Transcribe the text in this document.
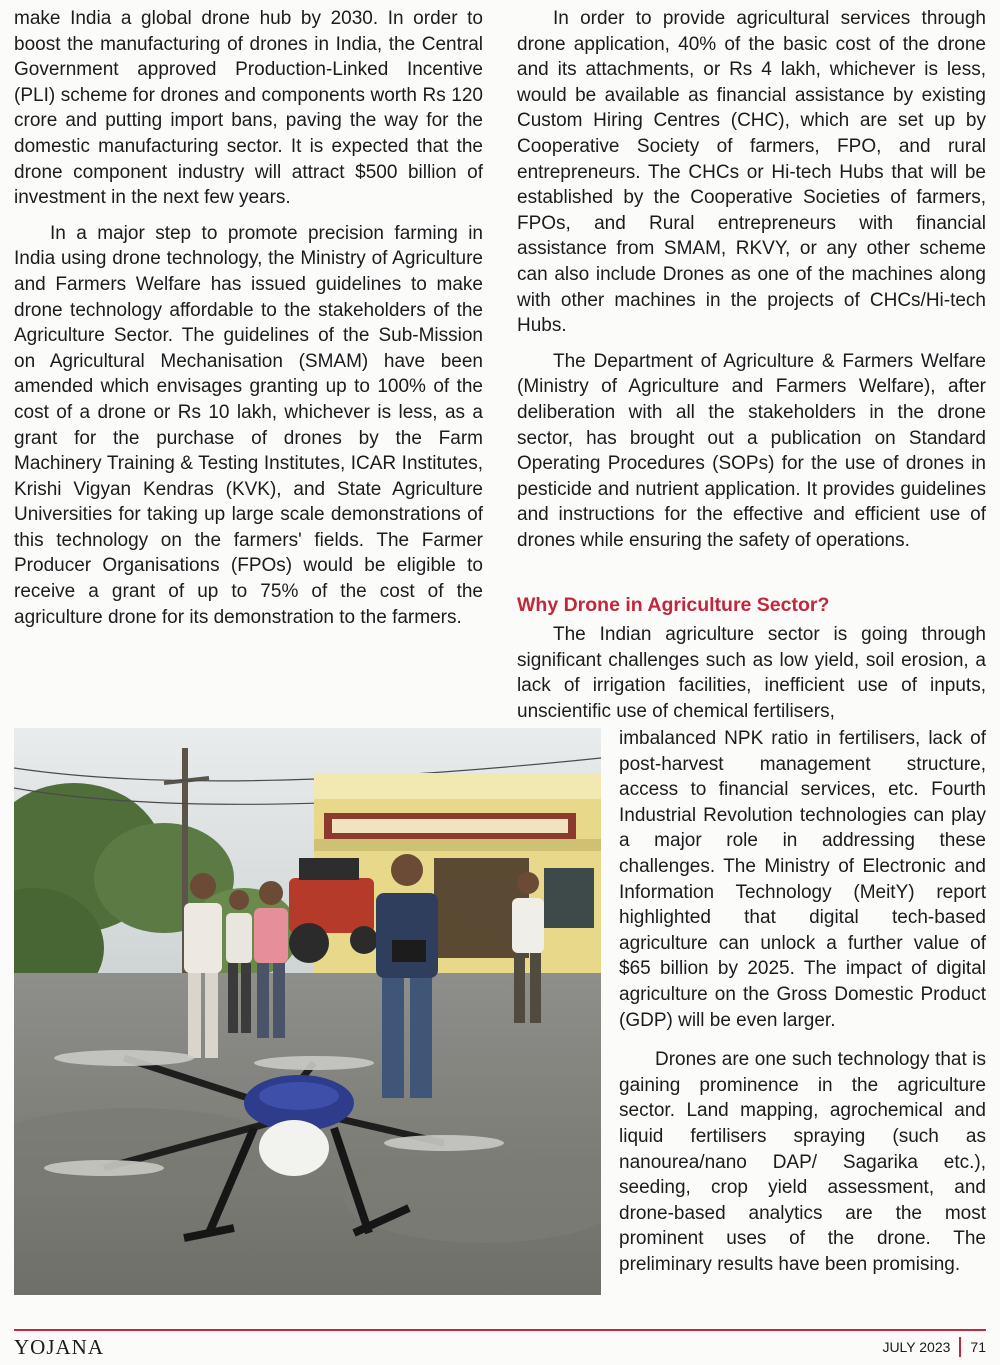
make India a global drone hub by 2030. In order to boost the manufacturing of drones in India, the Central Government approved Production-Linked Incentive (PLI) scheme for drones and components worth Rs 120 crore and putting import bans, paving the way for the domestic manufacturing sector. It is expected that the drone component industry will attract $500 billion of investment in the next few years.

In a major step to promote precision farming in India using drone technology, the Ministry of Agriculture and Farmers Welfare has issued guidelines to make drone technology affordable to the stakeholders of the Agriculture Sector. The guidelines of the Sub-Mission on Agricultural Mechanisation (SMAM) have been amended which envisages granting up to 100% of the cost of a drone or Rs 10 lakh, whichever is less, as a grant for the purchase of drones by the Farm Machinery Training & Testing Institutes, ICAR Institutes, Krishi Vigyan Kendras (KVK), and State Agriculture Universities for taking up large scale demonstrations of this technology on the farmers' fields. The Farmer Producer Organisations (FPOs) would be eligible to receive a grant of up to 75% of the cost of the agriculture drone for its demonstration to the farmers.

In order to provide agricultural services through drone application, 40% of the basic cost of the drone and its attachments, or Rs 4 lakh, whichever is less, would be available as financial assistance by existing Custom Hiring Centres (CHC), which are set up by Cooperative Society of farmers, FPO, and rural entrepreneurs. The CHCs or Hi-tech Hubs that will be established by the Cooperative Societies of farmers, FPOs, and Rural entrepreneurs with financial assistance from SMAM, RKVY, or any other scheme can also include Drones as one of the machines along with other machines in the projects of CHCs/Hi-tech Hubs.

The Department of Agriculture & Farmers Welfare (Ministry of Agriculture and Farmers Welfare), after deliberation with all the stakeholders in the drone sector, has brought out a publication on Standard Operating Procedures (SOPs) for the use of drones in pesticide and nutrient application. It provides guidelines and instructions for the effective and efficient use of drones while ensuring the safety of operations.

Why Drone in Agriculture Sector?

The Indian agriculture sector is going through significant challenges such as low yield, soil erosion, a lack of irrigation facilities, inefficient use of inputs, unscientific use of chemical fertilisers,

imbalanced NPK ratio in fertilisers, lack of post-harvest management structure, access to financial services, etc. Fourth Industrial Revolution technologies can play a major role in addressing these challenges. The Ministry of Electronic and Information Technology (MeitY) report highlighted that digital tech-based agriculture can unlock a further value of $65 billion by 2025. The impact of digital agriculture on the Gross Domestic Product (GDP) will be even larger.

Drones are one such technology that is gaining prominence in the agriculture sector. Land mapping, agrochemical and liquid fertilisers spraying (such as nanourea/nano DAP/ Sagarika etc.), seeding, crop yield assessment, and drone-based analytics are the most prominent uses of the drone. The preliminary results have been promising.

YOJANA	JULY 2023 71
